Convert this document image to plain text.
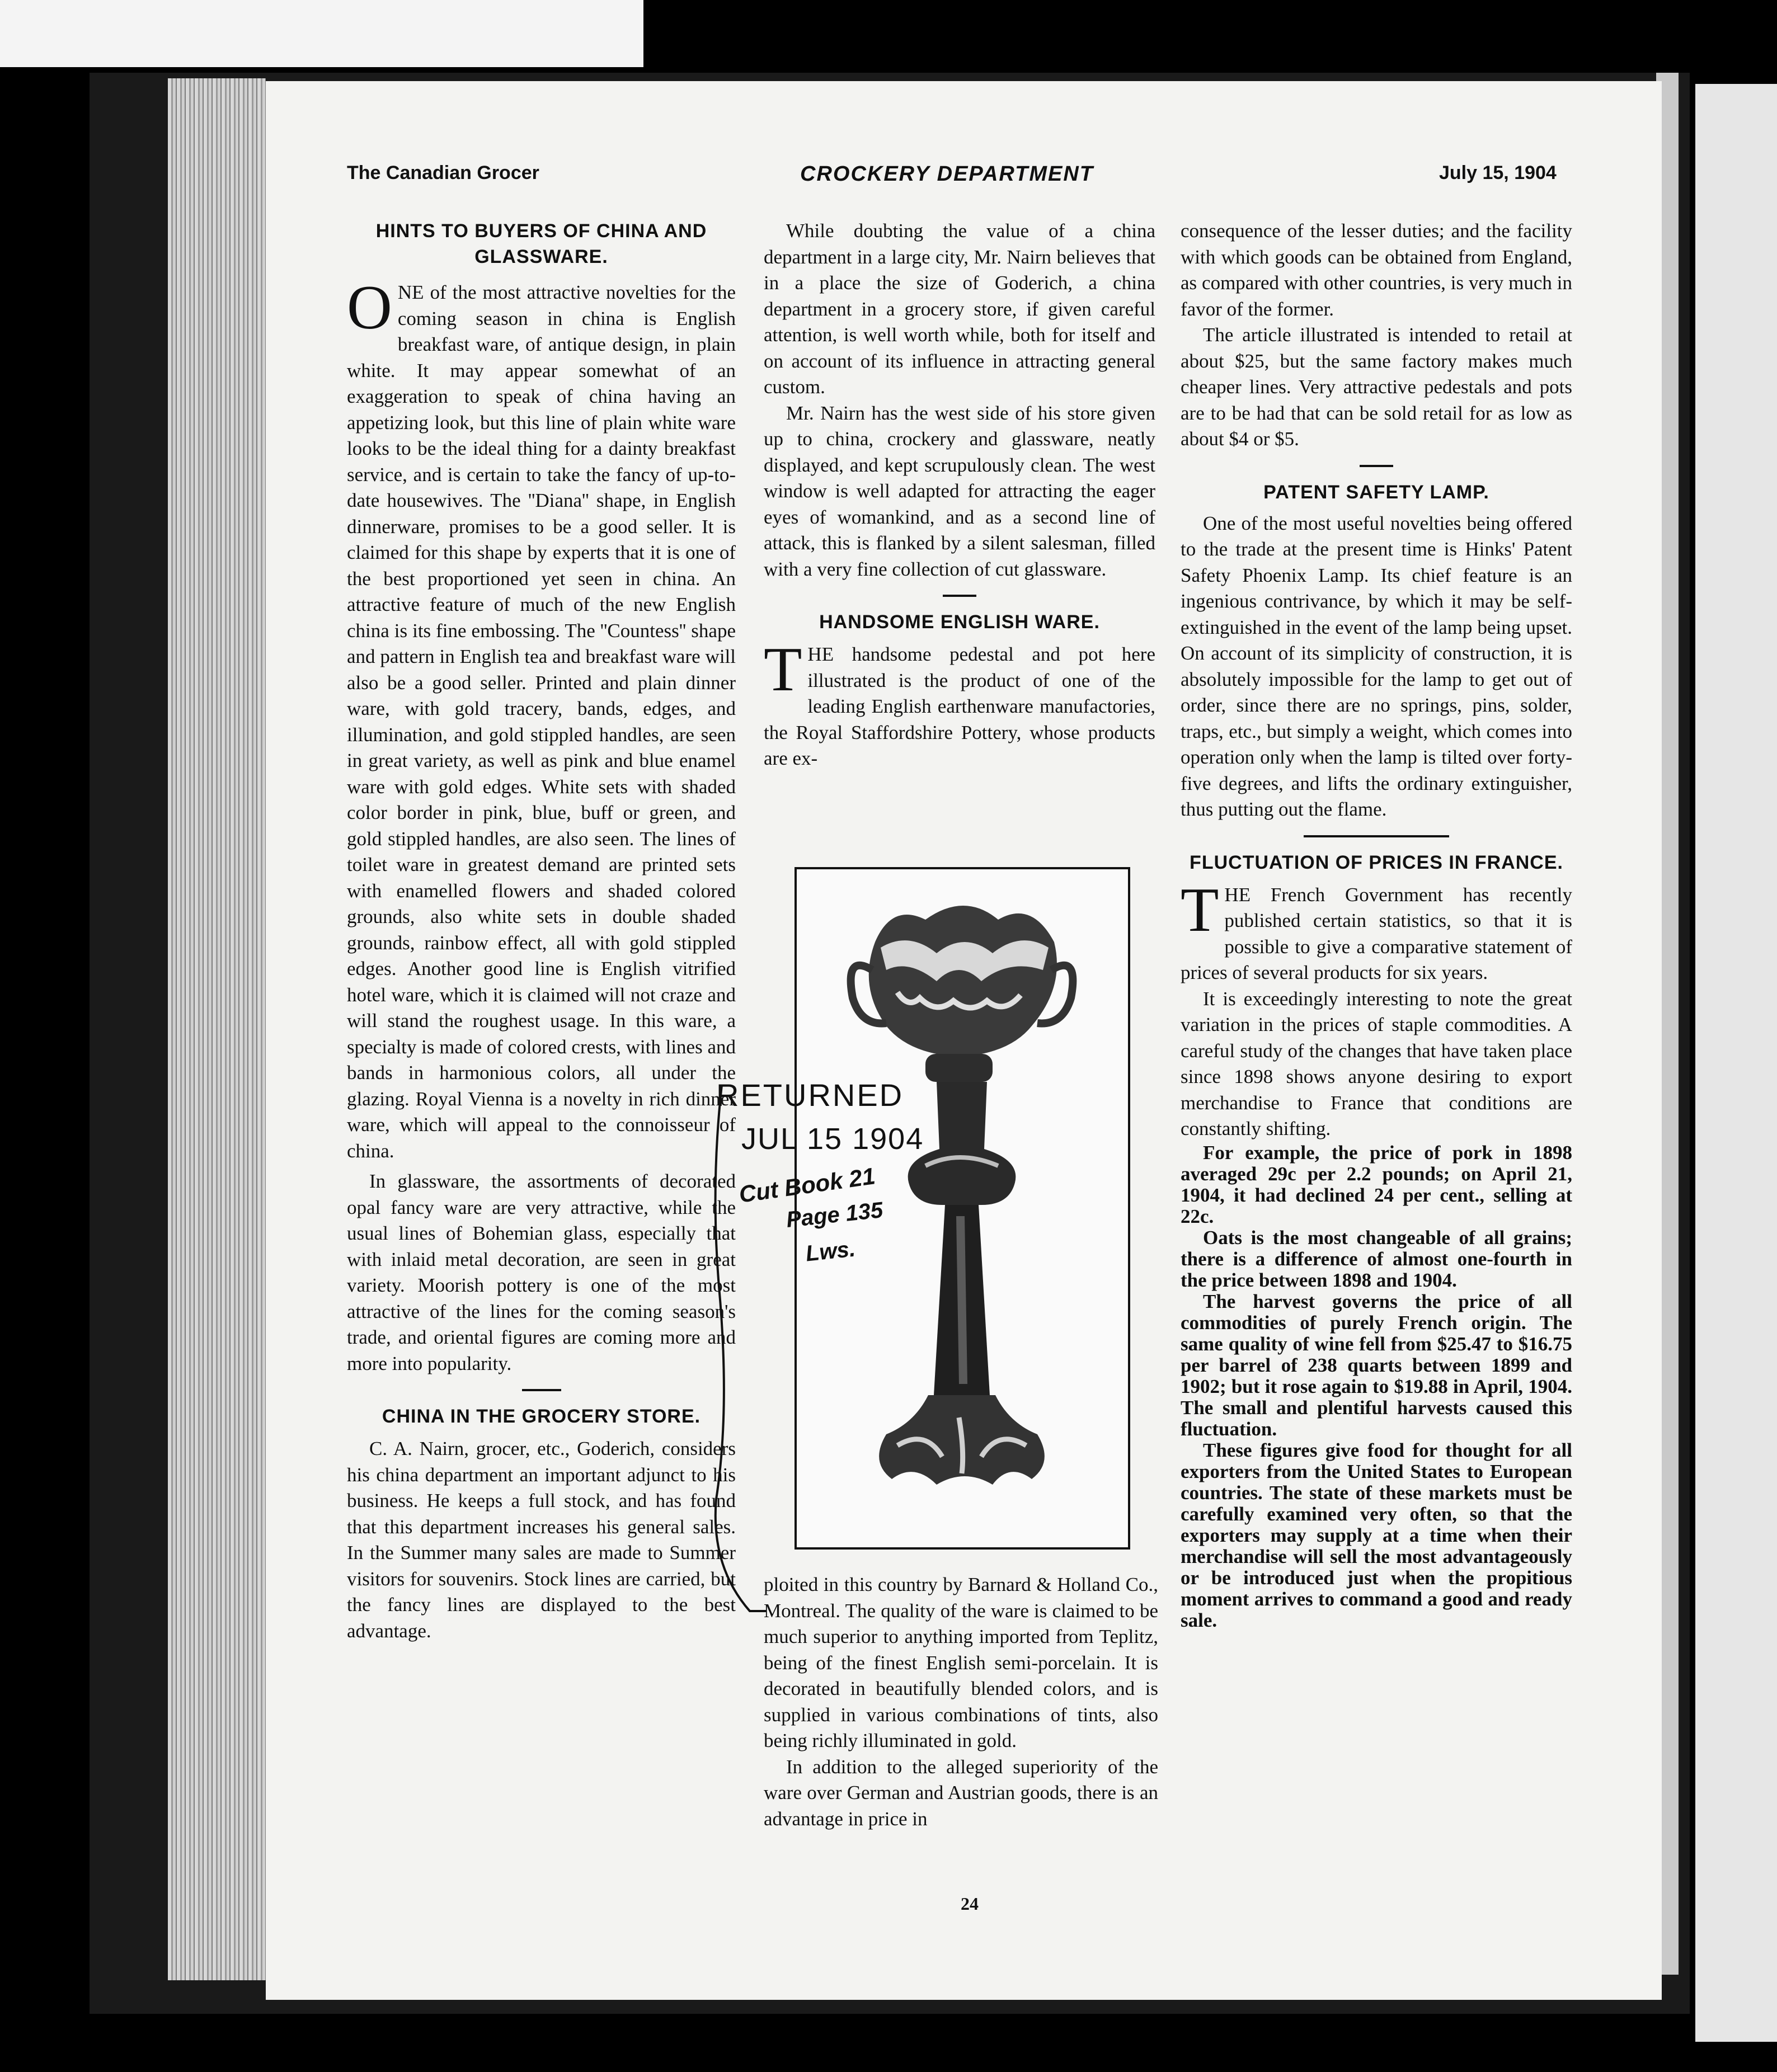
The Canadian Grocer	CROCKERY DEPARTMENT	July 15, 1904
HINTS TO BUYERS OF CHINA AND GLASSWARE.

ONE of the most attractive novelties for the coming season in china is English breakfast ware, of antique design, in plain white. It may appear somewhat of an exaggeration to speak of china having an appetizing look, but this line of plain white ware looks to be the ideal thing for a dainty breakfast service, and is certain to take the fancy of up-to-date housewives. The ''Diana'' shape, in English dinnerware, promises to be a good seller. It is claimed for this shape by experts that it is one of the best proportioned yet seen in china. An attractive feature of much of the new English china is its fine embossing. The ''Countess'' shape and pattern in English tea and breakfast ware will also be a good seller. Printed and plain dinner ware, with gold tracery, bands, edges, and illumination, and gold stippled handles, are seen in great variety, as well as pink and blue enamel ware with gold edges. White sets with shaded color border in pink, blue, buff or green, and gold stippled handles, are also seen. The lines of toilet ware in greatest demand are printed sets with enamelled flowers and shaded colored grounds, also white sets in double shaded grounds, rainbow effect, all with gold stippled edges. Another good line is English vitrified hotel ware, which it is claimed will not craze and will stand the roughest usage. In this ware, a specialty is made of colored crests, with lines and bands in harmonious colors, all under the glazing. Royal Vienna is a novelty in rich dinner ware, which will appeal to the connoisseur of china.

In glassware, the assortments of decorated opal fancy ware are very attractive, while the usual lines of Bohemian glass, especially that with inlaid metal decoration, are seen in great variety. Moorish pottery is one of the most attractive of the lines for the coming season's trade, and oriental figures are coming more and more into popularity.

CHINA IN THE GROCERY STORE.

C. A. Nairn, grocer, etc., Goderich, considers his china department an important adjunct to his business. He keeps a full stock, and has found that this department increases his general sales. In the Summer many sales are made to Summer visitors for souvenirs. Stock lines are carried, but the fancy lines are displayed to the best advantage.

While doubting the value of a china department in a large city, Mr. Nairn believes that in a place the size of Goderich, a china department in a grocery store, if given careful attention, is well worth while, both for itself and on account of its influence in attracting general custom.

Mr. Nairn has the west side of his store given up to china, crockery and glassware, neatly displayed, and kept scrupulously clean. The west window is well adapted for attracting the eager eyes of womankind, and as a second line of attack, this is flanked by a silent salesman, filled with a very fine collection of cut glassware.

HANDSOME ENGLISH WARE.

THE handsome pedestal and pot here illustrated is the product of one of the leading English earthenware manufactories, the Royal Staffordshire Pottery, whose products are ex-

RETURNED
JUL 15 1904
Cut Book 21
Page 135
Lws.

ploited in this country by Barnard & Holland Co., Montreal. The quality of the ware is claimed to be much superior to anything imported from Teplitz, being of the finest English semi-porcelain. It is decorated in beautifully blended colors, and is supplied in various combinations of tints, also being richly illuminated in gold.

In addition to the alleged superiority of the ware over German and Austrian goods, there is an advantage in price in

consequence of the lesser duties; and the facility with which goods can be obtained from England, as compared with other countries, is very much in favor of the former.

The article illustrated is intended to retail at about $25, but the same factory makes much cheaper lines. Very attractive pedestals and pots are to be had that can be sold retail for as low as about $4 or $5.

PATENT SAFETY LAMP.

One of the most useful novelties being offered to the trade at the present time is Hinks' Patent Safety Phoenix Lamp. Its chief feature is an ingenious contrivance, by which it may be self-extinguished in the event of the lamp being upset. On account of its simplicity of construction, it is absolutely impossible for the lamp to get out of order, since there are no springs, pins, solder, traps, etc., but simply a weight, which comes into operation only when the lamp is tilted over forty-five degrees, and lifts the ordinary extinguisher, thus putting out the flame.

FLUCTUATION OF PRICES IN FRANCE.

THE French Government has recently published certain statistics, so that it is possible to give a comparative statement of prices of several products for six years.

It is exceedingly interesting to note the great variation in the prices of staple commodities. A careful study of the changes that have taken place since 1898 shows anyone desiring to export merchandise to France that conditions are constantly shifting.

For example, the price of pork in 1898 averaged 29c per 2.2 pounds; on April 21, 1904, it had declined 24 per cent., selling at 22c.

Oats is the most changeable of all grains; there is a difference of almost one-fourth in the price between 1898 and 1904.

The harvest governs the price of all commodities of purely French origin. The same quality of wine fell from $25.47 to $16.75 per barrel of 238 quarts between 1899 and 1902; but it rose again to $19.88 in April, 1904. The small and plentiful harvests caused this fluctuation.

These figures give food for thought for all exporters from the United States to European countries. The state of these markets must be carefully examined very often, so that the exporters may supply at a time when their merchandise will sell the most advantageously or be introduced just when the propitious moment arrives to command a good and ready sale.

24
